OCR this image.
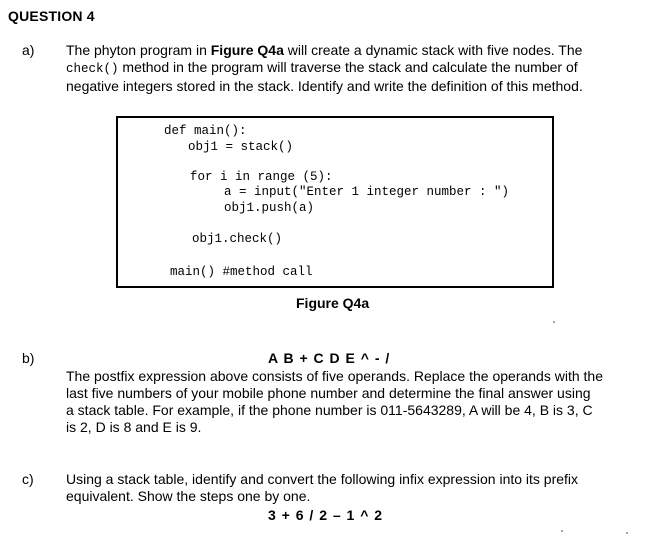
QUESTION 4
a) The phyton program in Figure Q4a will create a dynamic stack with five nodes. The
check() method in the program will traverse the stack and calculate the number of
negative integers stored in the stack. Identify and write the definition of this method.
def main():
obj1 = stack()
for i in range (5):
a = input("Enter 1 integer number : ")
obj1.push(a)
obj1.check()
main() #method call
Figure Q4a
b)	A B + C D E ^ - /
The postfix expression above consists of five operands. Replace the operands with the
last five numbers of your mobile phone number and determine the final answer using
a stack table. For example, if the phone number is 011-5643289, A will be 4, B is 3, C
is 2, D is 8 and E is 9.
c) Using a stack table, identify and convert the following infix expression into its prefix
equivalent. Show the steps one by one.
3 + 6 / 2 – 1 ^ 2
